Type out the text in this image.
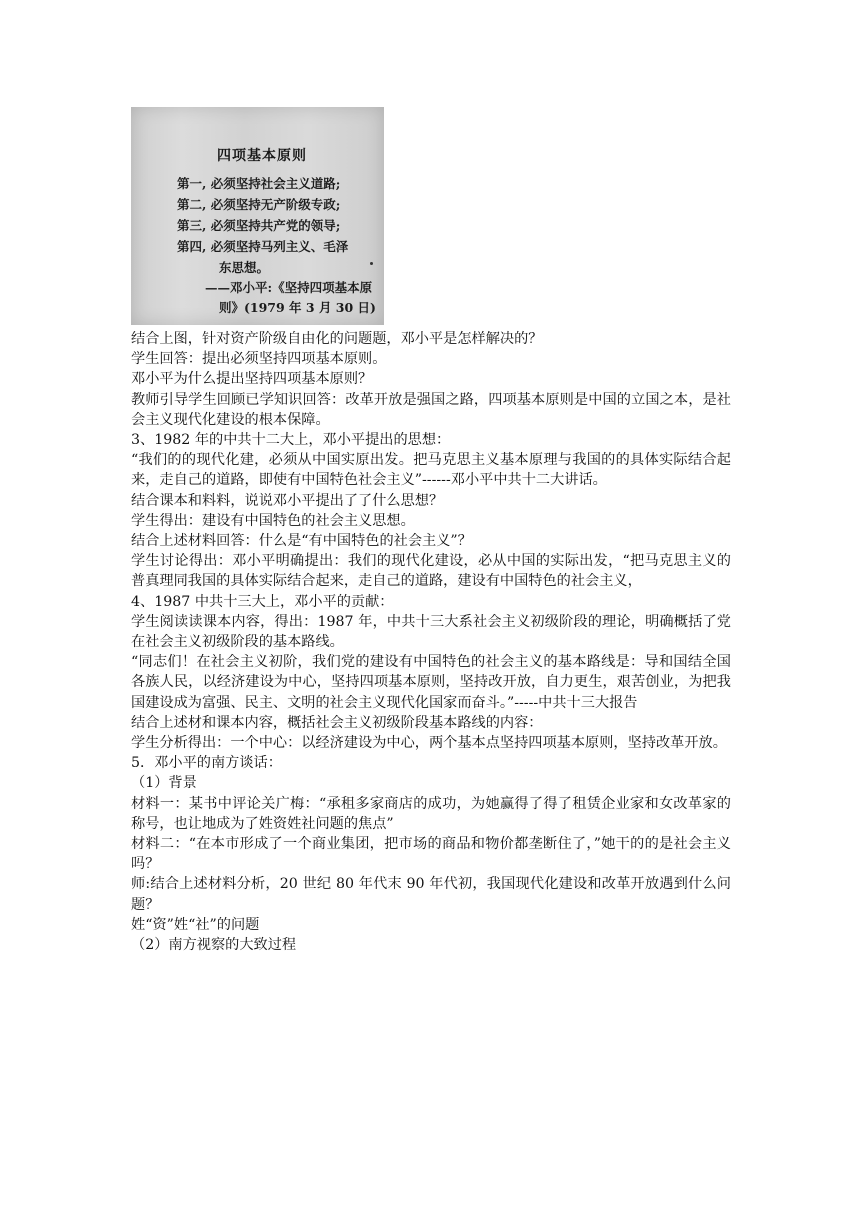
四项基本原则
第一, 必须坚持社会主义道路;
第二, 必须坚持无产阶级专政;
第三, 必须坚持共产党的领导;
第四, 必须坚持马列主义、毛泽
东思想。
——邓小平:《坚持四项基本原
则》(1979 年 3 月 30 日)

结合上图，针对资产阶级自由化的问题题，邓小平是怎样解决的？

学生回答：提出必须坚持四项基本原则。

邓小平为什么提出坚持四项基本原则？

教师引导学生回顾已学知识回答：改革开放是强国之路，四项基本原则是中国的立国之本，是社会主义现代化建设的根本保障。

3、1982 年的中共十二大上，邓小平提出的思想：

“我们的的现代化建，必须从中国实原出发。把马克思主义基本原理与我国的的具体实际结合起来，走自己的道路，即使有中国特色社会主义”------邓小平中共十二大讲话。

结合课本和料料，说说邓小平提出了了什么思想？

学生得出：建设有中国特色的社会主义思想。

结合上述材料回答：什么是“有中国特色的社会主义”？

学生讨论得出：邓小平明确提出：我们的现代化建设，必从中国的实际出发，“把马克思主义的普真理同我国的具体实际结合起来，走自己的道路，建设有中国特色的社会主义，

4、1987 中共十三大上，邓小平的贡献：

学生阅读读课本内容，得出：1987 年，中共十三大系社会主义初级阶段的理论，明确概括了党在社会主义初级阶段的基本路线。

“同志们！在社会主义初阶，我们党的建设有中国特色的社会主义的基本路线是：导和国结全国各族人民，以经济建设为中心，坚持四项基本原则，坚持改开放，自力更生，艰苦创业，为把我国建设成为富强、民主、文明的社会主义现代化国家而奋斗。”-----中共十三大报告

结合上述材和课本内容，概括社会主义初级阶段基本路线的内容：

学生分析得出：一个中心：以经济建设为中心，两个基本点坚持四项基本原则，坚持改革开放。

5．邓小平的南方谈话：

（1）背景

材料一：某书中评论关广梅：“承租多家商店的成功，为她赢得了得了租赁企业家和女改革家的称号，也让地成为了姓资姓社问题的焦点”

材料二：“在本市形成了一个商业集团，把市场的商品和物价都垄断住了，”她干的的是社会主义吗？

师:结合上述材料分析，20 世纪 80 年代末 90 年代初，我国现代化建设和改革开放遇到什么问题？

姓“资”姓“社”的问题

（2）南方视察的大致过程
